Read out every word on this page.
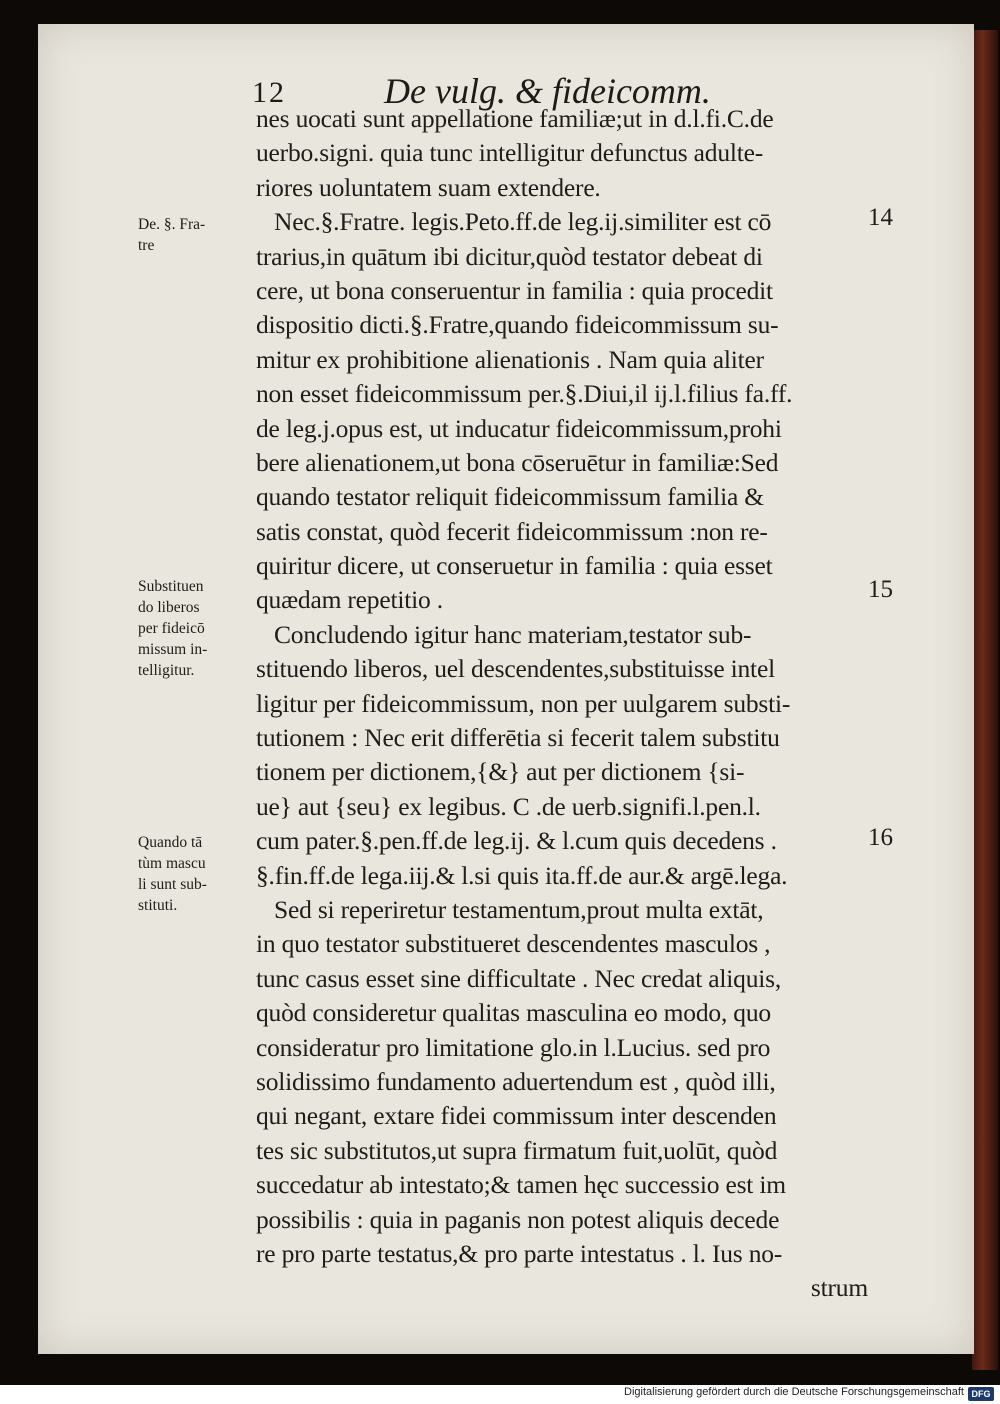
12	De vulg. & fideicomm.
nes uocati sunt appellatione familiæ;ut in d.l.fi.C.de
uerbo.signi. quia tunc intelligitur defunctus adulte-
riores uoluntatem suam extendere.
Nec.§.Fratre. legis.Peto.ff.de leg.ij.similiter est cō
trarius,in quātum ibi dicitur,quòd testator debeat di
cere, ut bona conseruentur in familia : quia procedit
dispositio dicti.§.Fratre,quando fideicommissum su-
mitur ex prohibitione alienationis . Nam quia aliter
non esset fideicommissum per.§.Diui,il ij.l.filius fa.ff.
de leg.j.opus est, ut inducatur fideicommissum,prohi
bere alienationem,ut bona cōseruētur in familiæ:Sed
quando testator reliquit fideicommissum familia &
satis constat, quòd fecerit fideicommissum :non re-
quiritur dicere, ut conseruetur in familia : quia esset
quædam repetitio .
Concludendo igitur hanc materiam,testator sub-
stituendo liberos, uel descendentes,substituisse intel
ligitur per fideicommissum, non per uulgarem substi-
tutionem : Nec erit differētia si fecerit talem substitu
tionem per dictionem,{&} aut per dictionem {si-
ue} aut {seu} ex legibus. C .de uerb.signifi.l.pen.l.
cum pater.§.pen.ff.de leg.ij. & l.cum quis decedens .
§.fin.ff.de lega.iij.& l.si quis ita.ff.de aur.& argē.lega.
Sed si reperiretur testamentum,prout multa extāt,
in quo testator substitueret descendentes masculos ,
tunc casus esset sine difficultate . Nec credat aliquis,
quòd consideretur qualitas masculina eo modo, quo
consideratur pro limitatione glo.in l.Lucius. sed pro
solidissimo fundamento aduertendum est , quòd illi,
qui negant, extare fidei commissum inter descenden
tes sic substitutos,ut supra firmatum fuit,uolūt, quòd
succedatur ab intestato;& tamen hęc successio est im
possibilis : quia in paganis non potest aliquis decede
re pro parte testatus,& pro parte intestatus . l. Ius no-
strum
De. §. Fra-
tre
Substituen
do liberos
per fideicō
missum in-
telligitur.
Quando tā
tùm mascu
li sunt sub-
stituti.
14
15
16
Digitalisierung gefördert durch die Deutsche Forschungsgemeinschaft DFG
